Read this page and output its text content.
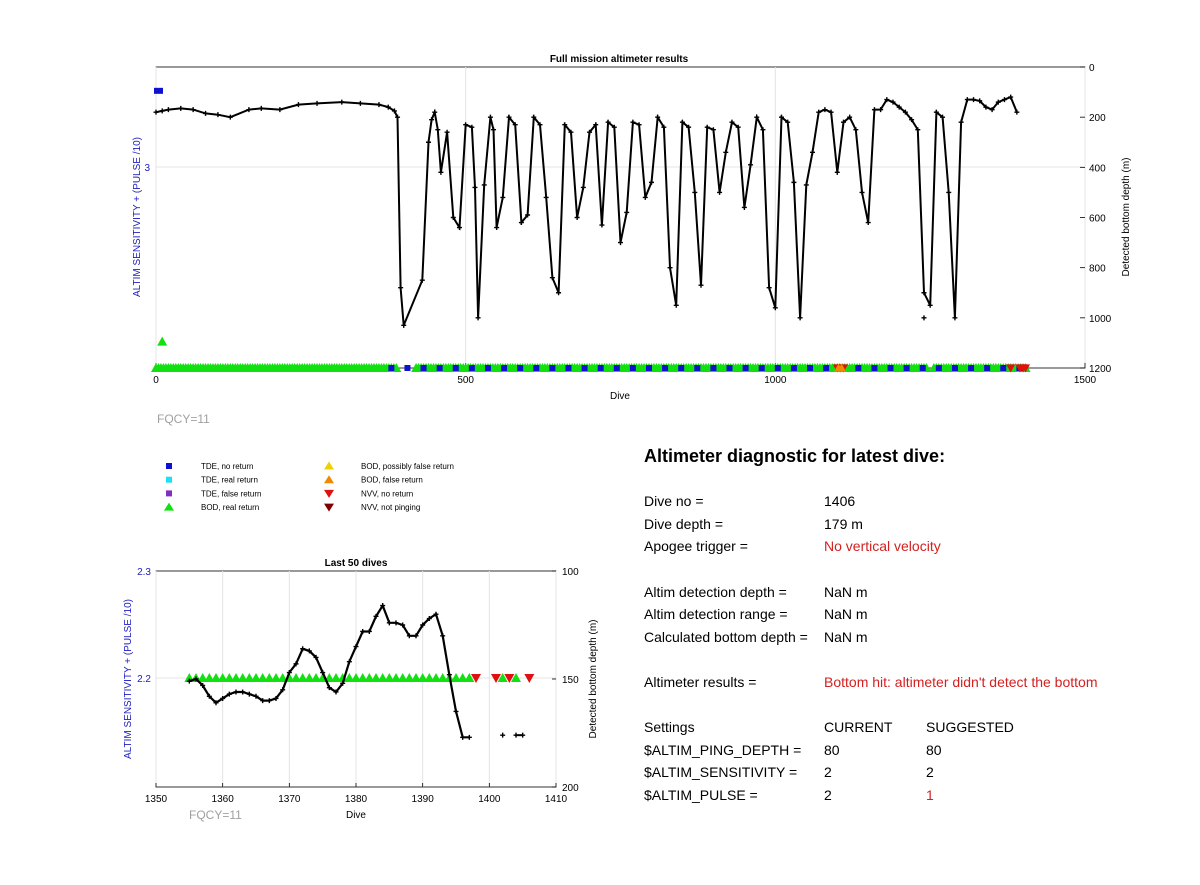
Full mission altimeter results
0	500	1000	1500
0
200
400
600
800
1000
1200
3
Dive
ALTIM SENSITIVITY + (PULSE /10)	Detected bottom depth (m)
FQCY=11
TDE, no return
TDE, real return
TDE, false return
BOD, real return
BOD, possibly false return
BOD, false return
NVV, no return
NVV, not pinging
Last 50 dives
1350	1360	1370	1380	1390	1400	1410
100
150
200
2.3
2.2
Dive
ALTIM SENSITIVITY + (PULSE /10)	Detected bottom depth (m)
FQCY=11
Altimeter diagnostic for latest dive:
Dive no =	1406
Dive depth =	179 m
Apogee trigger =	No vertical velocity
Altim detection depth =	NaN m
Altim detection range =	NaN m
Calculated bottom depth = NaN m
Altimeter results =	Bottom hit: altimeter didn't detect the bottom
Settings	CURRENT SUGGESTED
$ALTIM_PING_DEPTH = 80	80
$ALTIM_SENSITIVITY = 2	2
$ALTIM_PULSE =	2	1
